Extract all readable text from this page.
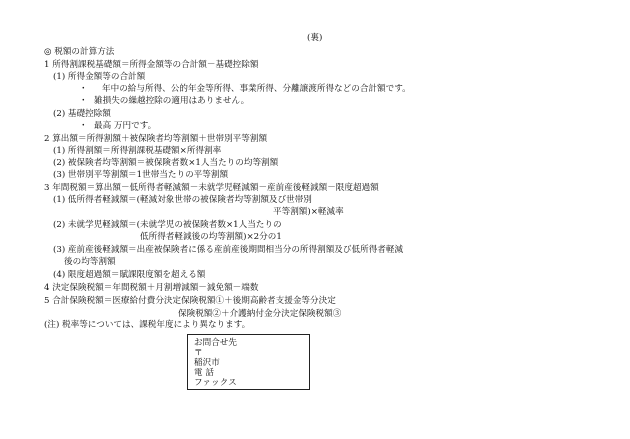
(裏)
◎ 税額の計算方法
1 所得割課税基礎額＝所得金額等の合計額－基礎控除額
(1) 所得金額等の合計額
・ 年中の給与所得、公的年金等所得、事業所得、分離譲渡所得などの合計額です。
・ 雑損失の繰越控除の適用はありません。
(2) 基礎控除額
・ 最高 万円です。
2 算出額＝所得割額＋被保険者均等割額＋世帯別平等割額
(1) 所得割額＝所得割課税基礎額×所得割率
(2) 被保険者均等割額＝被保険者数×1人当たりの均等割額
(3) 世帯別平等割額＝1世帯当たりの平等割額
3 年間税額＝算出額－低所得者軽減額－未就学児軽減額－産前産後軽減額－限度超過額
(1) 低所得者軽減額＝(軽減対象世帯の被保険者均等割額及び世帯別
平等割額)×軽減率
(2) 未就学児軽減額＝(未就学児の被保険者数×1人当たりの
低所得者軽減後の均等割額)×2分の1
(3) 産前産後軽減額＝出産被保険者に係る産前産後期間相当分の所得割額及び低所得者軽減
後の均等割額
(4) 限度超過額＝賦課限度額を超える額
4 決定保険税額＝年間税額＋月割増減額－減免額－端数
5 合計保険税額＝医療給付費分決定保険税額①＋後期高齢者支援金等分決定
保険税額②＋介護納付金分決定保険税額③
(注) 税率等については、課税年度により異なります。
お問合せ先
〒
稲沢市
電 話
ファックス
